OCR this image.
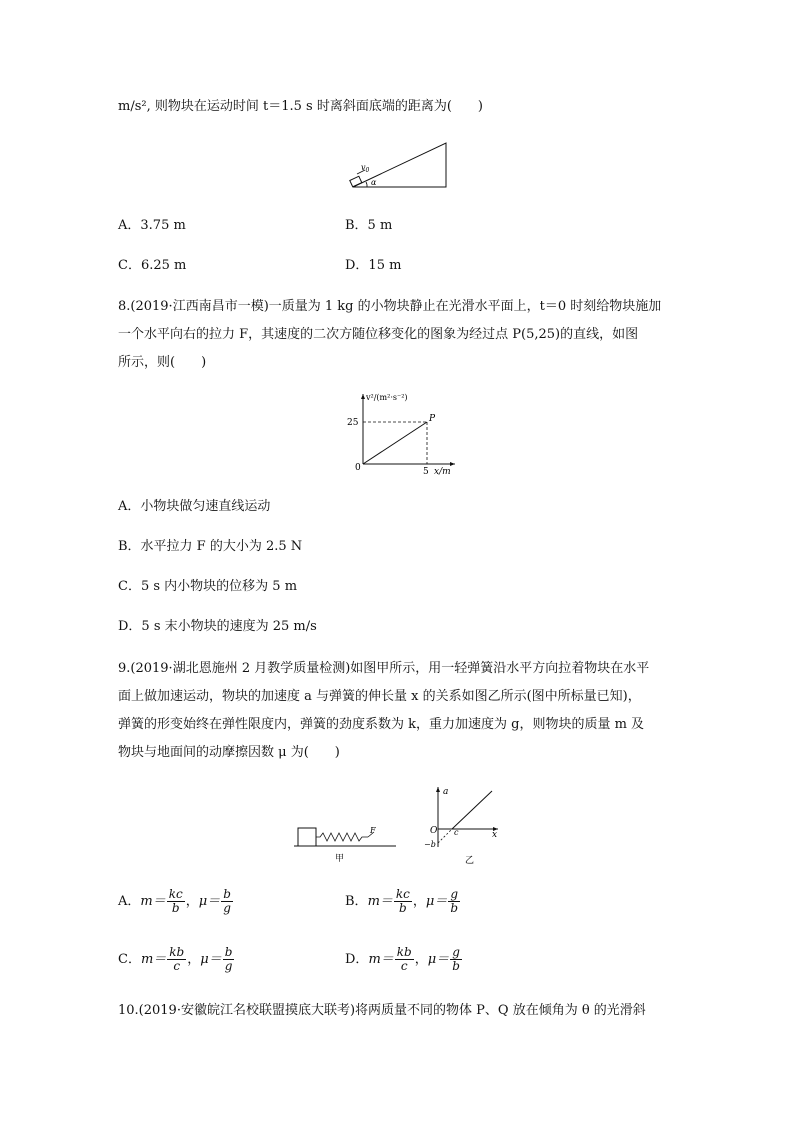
m/s², 则物块在运动时间 t＝1.5 s 时离斜面底端的距离为(　　)
$v_0$
α
A．3.75 m	B．5 m
C．6.25 m	D．15 m
8.(2019·江西南昌市一模)一质量为 1 kg 的小物块静止在光滑水平面上，t＝0 时刻给物块施加
一个水平向右的拉力 F，其速度的二次方随位移变化的图象为经过点 P(5,25)的直线，如图
所示，则(　　)
v²/(m²·s⁻²)
P
25
0	5 x/m
A．小物块做匀速直线运动
B．水平拉力 F 的大小为 2.5 N
C．5 s 内小物块的位移为 5 m
D．5 s 末小物块的速度为 25 m/s
9.(2019·湖北恩施州 2 月教学质量检测)如图甲所示，用一轻弹簧沿水平方向拉着物块在水平
面上做加速运动，物块的加速度 a 与弹簧的伸长量 x 的关系如图乙所示(图中所标量已知)，
弹簧的形变始终在弹性限度内，弹簧的劲度系数为 k，重力加速度为 g，则物块的质量 m 及
物块与地面间的动摩擦因数 μ 为(　　)
F
甲
a
x
O c
−b
乙
A．$m= \frac{kc}{b}$ ，$\mu= \frac{b}{g}$	B．$m= \frac{kc}{b}$ ，$\mu= \frac{g}{b}$
C．$m= \frac{kb}{c}$ ，$\mu= \frac{b}{g}$	D．$m= \frac{kb}{c}$ ，$\mu= \frac{g}{b}$
10.(2019·安徽皖江名校联盟摸底大联考)将两质量不同的物体 P、Q 放在倾角为 θ 的光滑斜
